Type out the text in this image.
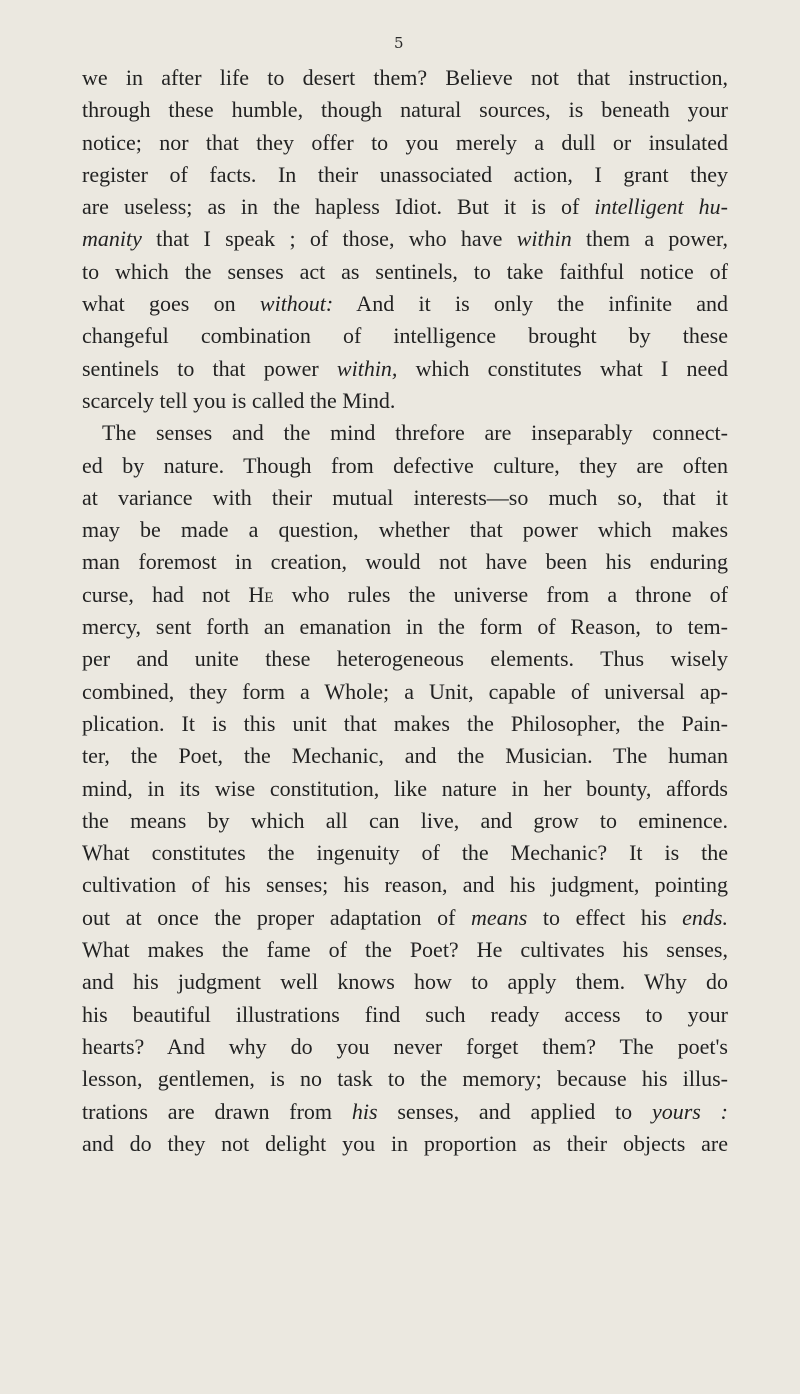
5
we in after life to desert them? Believe not that instruction,
through these humble, though natural sources, is beneath your
notice; nor that they offer to you merely a dull or insulated
register of facts. In their unassociated action, I grant they
are useless; as in the hapless Idiot. But it is of intelligent hu-
manity that I speak ; of those, who have within them a power,
to which the senses act as sentinels, to take faithful notice of
what goes on without: And it is only the infinite and
changeful combination of intelligence brought by these
sentinels to that power within, which constitutes what I need
scarcely tell you is called the Mind.
The senses and the mind threfore are inseparably connect-
ed by nature. Though from defective culture, they are often
at variance with their mutual interests—so much so, that it
may be made a question, whether that power which makes
man foremost in creation, would not have been his enduring
curse, had not He who rules the universe from a throne of
mercy, sent forth an emanation in the form of Reason, to tem-
per and unite these heterogeneous elements. Thus wisely
combined, they form a Whole; a Unit, capable of universal ap-
plication. It is this unit that makes the Philosopher, the Pain-
ter, the Poet, the Mechanic, and the Musician. The human
mind, in its wise constitution, like nature in her bounty, affords
the means by which all can live, and grow to eminence.
What constitutes the ingenuity of the Mechanic? It is the
cultivation of his senses; his reason, and his judgment, pointing
out at once the proper adaptation of means to effect his ends.
What makes the fame of the Poet? He cultivates his senses,
and his judgment well knows how to apply them. Why do
his beautiful illustrations find such ready access to your
hearts? And why do you never forget them? The poet's
lesson, gentlemen, is no task to the memory; because his illus-
trations are drawn from his senses, and applied to yours :
and do they not delight you in proportion as their objects are
